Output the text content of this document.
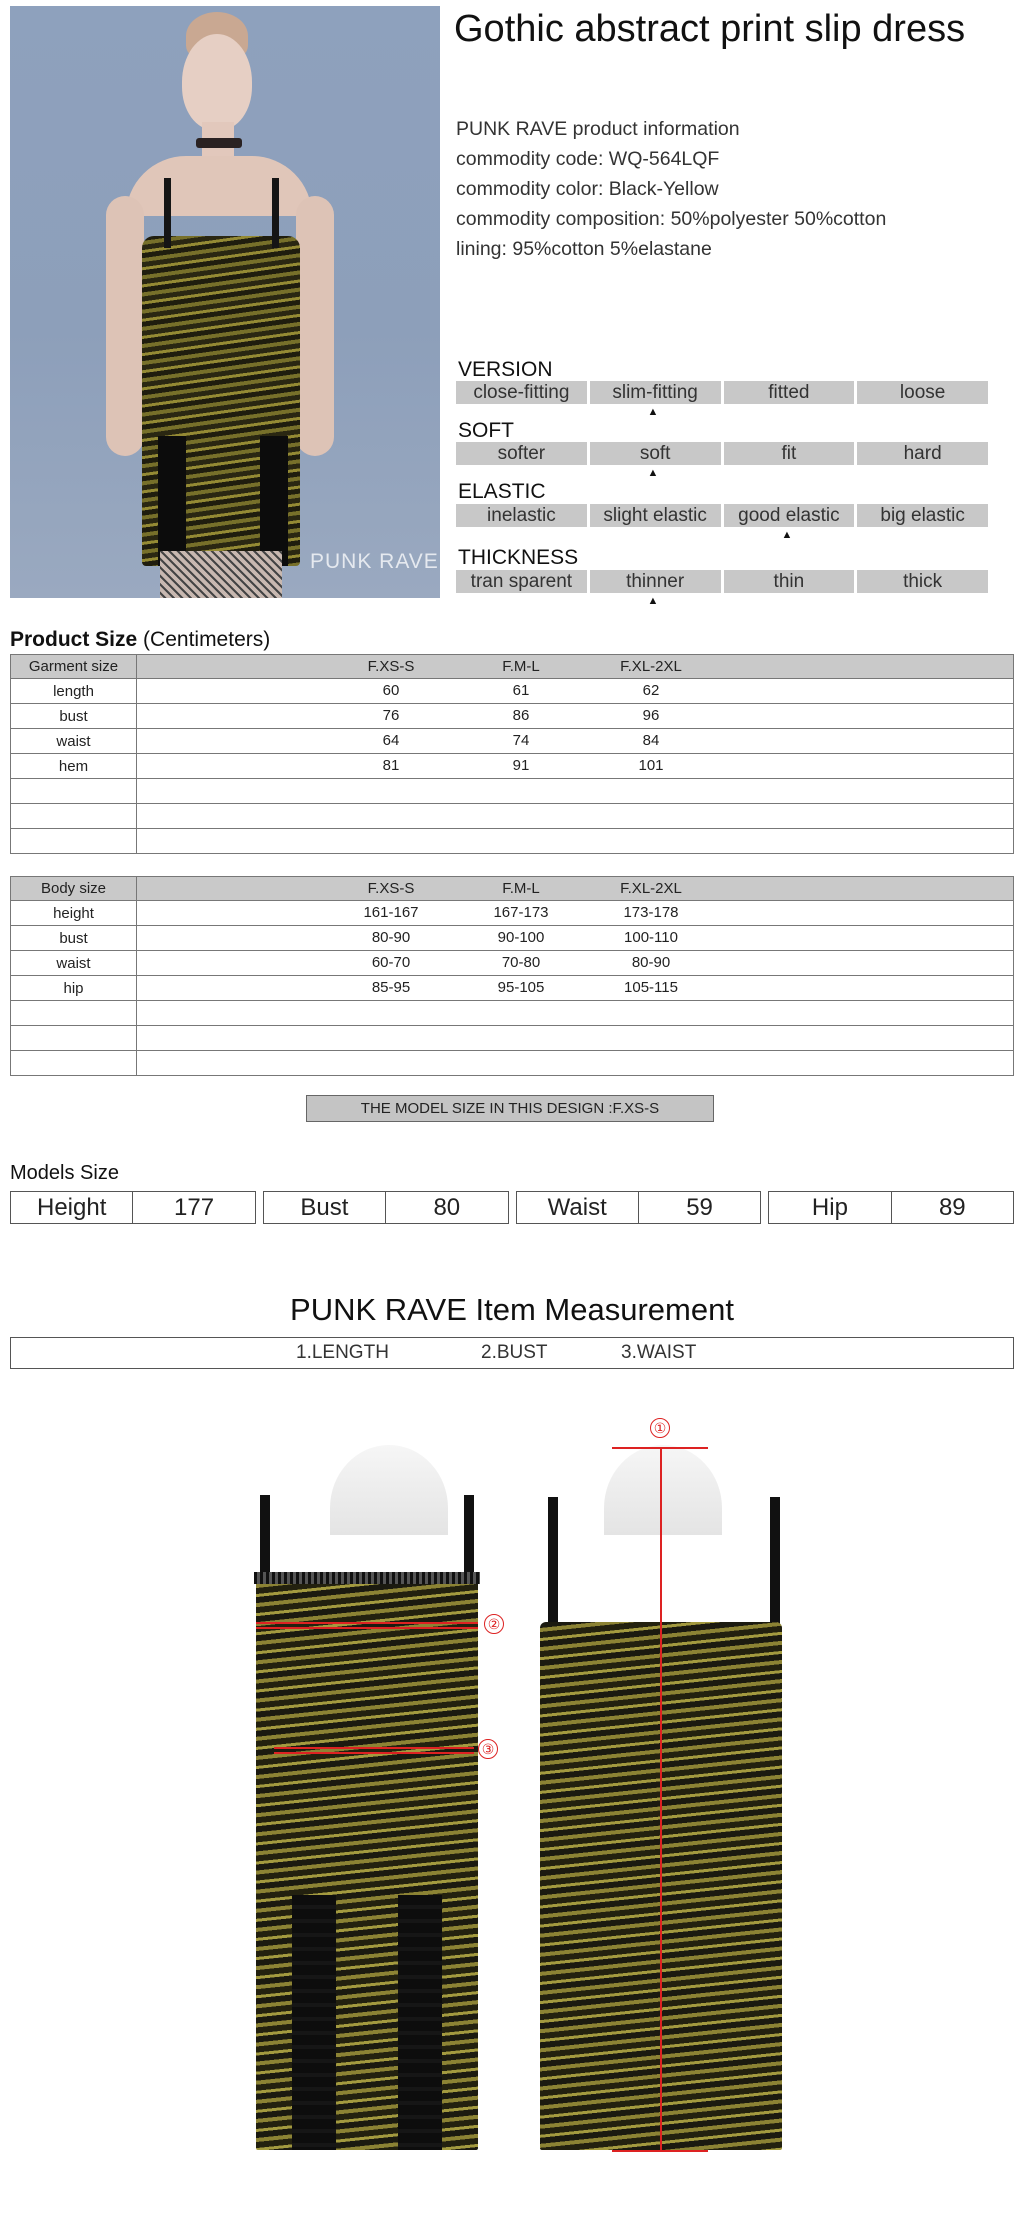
PUNK RAVE
Gothic abstract print slip dress
PUNK RAVE product information
commodity code: WQ-564LQF
commodity color: Black-Yellow
commodity composition: 50%polyester 50%cotton
lining: 95%cotton 5%elastane
VERSION
close-fitting	slim-fitting	fitted	loose
▲
SOFT
softer	soft	fit	hard
▲
ELASTIC
inelastic	slight elastic	good elastic	big elastic
▲
THICKNESS
tran sparent	thinner	thin	thick
▲
Product Size (Centimeters)
Garment size	F.XS-S F.M-L F.XL-2XL

length	60 61 62

bust	76 86 96

waist	64 74 84

hem	81 91 101

Body size	F.XS-S F.M-L F.XL-2XL

height	161-167 167-173 173-178

bust	80-90 90-100 100-110

waist	60-70 70-80 80-90

hip	85-95 95-105 105-115

THE MODEL SIZE IN THIS DESIGN :F.XS-S
Models Size
Height	177	Bust	80	Waist	59	Hip	89
PUNK RAVE Item Measurement
1.LENGTH	2.BUST	3.WAIST
②
③
①
